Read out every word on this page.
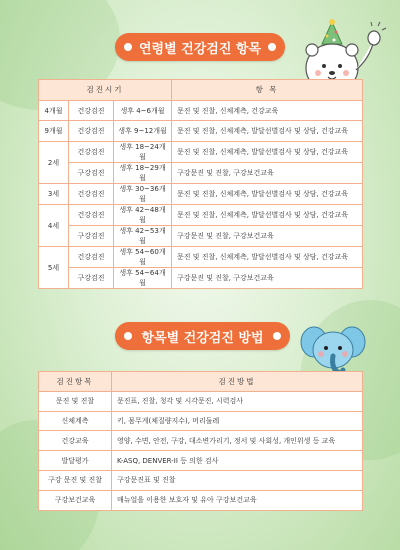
연령별 건강검진 항목
검진시기			항 목
4개월	건강검진	생후 4~6개월	문진 및 진찰, 신체계측, 건강교육
9개월	건강검진	생후 9~12개월	문진 및 진찰, 신체계측, 발달선별검사 및 상담, 건강교육
2세	건강검진	생후 18~24개월	문진 및 진찰, 신체계측, 발달선별검사 및 상담, 건강교육
	구강검진	생후 18~29개월	구강문진 및 진찰, 구강보건교육
3세	건강검진	생후 30~36개월	문진 및 진찰, 신체계측, 발달선별검사 및 상담, 건강교육
4세	건강검진	생후 42~48개월	문진 및 진찰, 신체계측, 발달선별검사 및 상담, 건강교육
	구강검진	생후 42~53개월	구강문진 및 진찰, 구강보건교육
5세	건강검진	생후 54~60개월	문진 및 진찰, 신체계측, 발달선별검사 및 상담, 건강교육
	구강검진	생후 54~64개월	구강문진 및 진찰, 구강보건교육
항목별 건강검진 방법
검진항목	검진방법
문진 및 진찰	문진표, 진찰, 청각 및 시각문진, 시력검사
신체계측	키, 몸무게(체질량지수), 머리둘레
건강교육	영양, 수면, 안전, 구강, 대소변가리기, 정서 및 사회성, 개인위생 등 교육
발달평가	K-ASQ, DENVER-II 등 의한 검사
구강 문진 및 진찰	구강문진표 및 진찰
구강보건교육	매뉴얼을 이용한 보호자 및 유아 구강보건교육
